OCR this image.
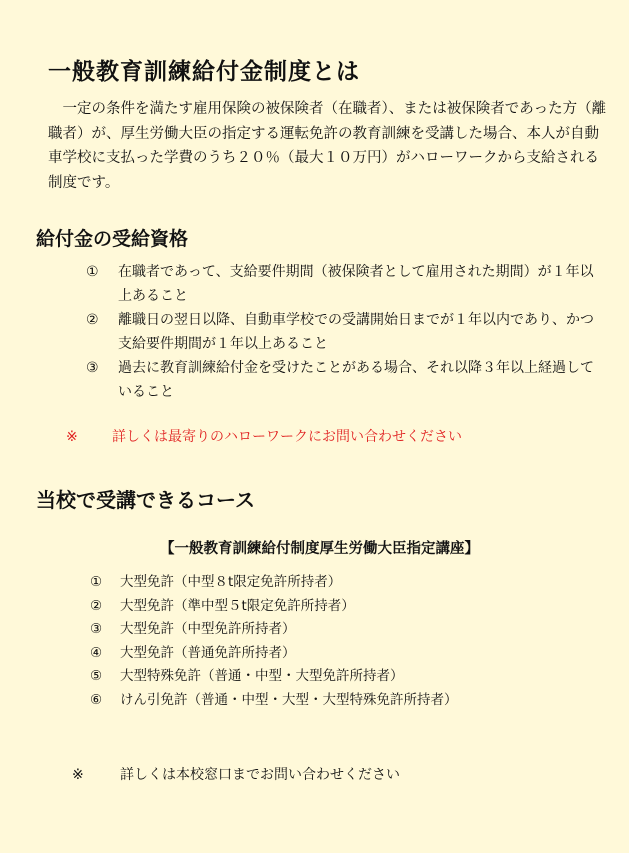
一般教育訓練給付金制度とは

　一定の条件を満たす雇用保険の被保険者（在職者）、または被保険者であった方（離職者）が、厚生労働大臣の指定する運転免許の教育訓練を受講した場合、本人が自動車学校に支払った学費のうち２０％（最大１０万円）がハローワークから支給される制度です。

給付金の受給資格
①	在職者であって、支給要件期間（被保険者として雇用された期間）が１年以上あること
②	離職日の翌日以降、自動車学校での受講開始日までが１年以内であり、かつ支給要件期間が１年以上あること
③	過去に教育訓練給付金を受けたことがある場合、それ以降３年以上経過していること
※ 詳しくは最寄りのハローワークにお問い合わせください
当校で受講できるコース
【一般教育訓練給付制度厚生労働大臣指定講座】
①	大型免許（中型８t限定免許所持者）
②	大型免許（準中型５t限定免許所持者）
③	大型免許（中型免許所持者）
④	大型免許（普通免許所持者）
⑤	大型特殊免許（普通・中型・大型免許所持者）
⑥	けん引免許（普通・中型・大型・大型特殊免許所持者）
※	詳しくは本校窓口までお問い合わせください
